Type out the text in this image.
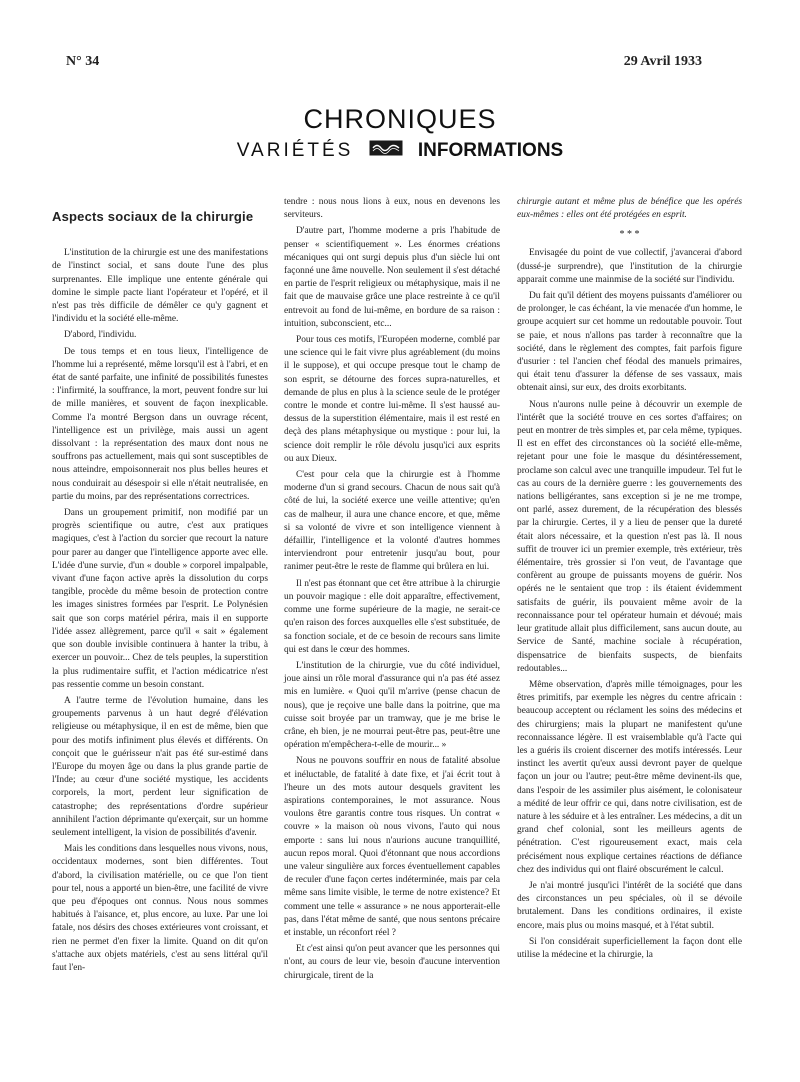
N° 34	29 Avril 1933
CHRONIQUES
VARIÉTÉS	INFORMATIONS
Aspects sociaux de la chirurgie

L'institution de la chirurgie est une des manifestations de l'instinct social, et sans doute l'une des plus surprenantes. Elle implique une entente générale qui domine le simple pacte liant l'opérateur et l'opéré, et il n'est pas très difficile de démêler ce qu'y gagnent et l'individu et la société elle-même.

D'abord, l'individu.

De tous temps et en tous lieux, l'intelligence de l'homme lui a représenté, même lorsqu'il est à l'abri, et en état de santé parfaite, une infinité de possibilités funestes : l'infirmité, la souffrance, la mort, peuvent fondre sur lui de mille manières, et souvent de façon inexplicable. Comme l'a montré Bergson dans un ouvrage récent, l'intelligence est un privilège, mais aussi un agent dissolvant : la représentation des maux dont nous ne souffrons pas actuellement, mais qui sont susceptibles de nous atteindre, empoisonnerait nos plus belles heures et nous conduirait au désespoir si elle n'était neutralisée, en partie du moins, par des représentations correctrices.

Dans un groupement primitif, non modifié par un progrès scientifique ou autre, c'est aux pratiques magiques, c'est à l'action du sorcier que recourt la nature pour parer au danger que l'intelligence apporte avec elle. L'idée d'une survie, d'un « double » corporel impalpable, vivant d'une façon active après la dissolution du corps tangible, procède du même besoin de protection contre les images sinistres formées par l'esprit. Le Polynésien sait que son corps matériel périra, mais il en supporte l'idée assez allègrement, parce qu'il « sait » également que son double invisible continuera à hanter la tribu, à exercer un pouvoir... Chez de tels peuples, la superstition la plus rudimentaire suffit, et l'action médicatrice n'est pas ressentie comme un besoin constant.

A l'autre terme de l'évolution humaine, dans les groupements parvenus à un haut degré d'élévation religieuse ou métaphysique, il en est de même, bien que pour des motifs infiniment plus élevés et différents. On conçoit que le guérisseur n'ait pas été sur-estimé dans l'Europe du moyen âge ou dans la plus grande partie de l'Inde; au cœur d'une société mystique, les accidents corporels, la mort, perdent leur signification de catastrophe; des représentations d'ordre supérieur annihilent l'action déprimante qu'exerçait, sur un homme seulement intelligent, la vision de possibilités d'avenir.

Mais les conditions dans lesquelles nous vivons, nous, occidentaux modernes, sont bien différentes. Tout d'abord, la civilisation matérielle, ou ce que l'on tient pour tel, nous a apporté un bien-être, une facilité de vivre que peu d'époques ont connus. Nous nous sommes habitués à l'aisance, et, plus encore, au luxe. Par une loi fatale, nos désirs des choses extérieures vont croissant, et rien ne permet d'en fixer la limite. Quand on dit qu'on s'attache aux objets matériels, c'est au sens littéral qu'il faut l'en-

tendre : nous nous lions à eux, nous en devenons les serviteurs.

D'autre part, l'homme moderne a pris l'habitude de penser « scientifiquement ». Les énormes créations mécaniques qui ont surgi depuis plus d'un siècle lui ont façonné une âme nouvelle. Non seulement il s'est détaché en partie de l'esprit religieux ou métaphysique, mais il ne fait que de mauvaise grâce une place restreinte à ce qu'il entrevoit au fond de lui-même, en bordure de sa raison : intuition, subconscient, etc...

Pour tous ces motifs, l'Européen moderne, comblé par une science qui le fait vivre plus agréablement (du moins il le suppose), et qui occupe presque tout le champ de son esprit, se détourne des forces supra-naturelles, et demande de plus en plus à la science seule de le protéger contre le monde et contre lui-même. Il s'est haussé au-dessus de la superstition élémentaire, mais il est resté en deçà des plans métaphysique ou mystique : pour lui, la science doit remplir le rôle dévolu jusqu'ici aux esprits ou aux Dieux.

C'est pour cela que la chirurgie est à l'homme moderne d'un si grand secours. Chacun de nous sait qu'à côté de lui, la société exerce une veille attentive; qu'en cas de malheur, il aura une chance encore, et que, même si sa volonté de vivre et son intelligence viennent à défaillir, l'intelligence et la volonté d'autres hommes interviendront pour entretenir jusqu'au bout, pour ranimer peut-être le reste de flamme qui brûlera en lui.

Il n'est pas étonnant que cet être attribue à la chirurgie un pouvoir magique : elle doit apparaître, effectivement, comme une forme supérieure de la magie, ne serait-ce qu'en raison des forces auxquelles elle s'est substituée, de sa fonction sociale, et de ce besoin de recours sans limite qui est dans le cœur des hommes.

L'institution de la chirurgie, vue du côté individuel, joue ainsi un rôle moral d'assurance qui n'a pas été assez mis en lumière. « Quoi qu'il m'arrive (pense chacun de nous), que je reçoive une balle dans la poitrine, que ma cuisse soit broyée par un tramway, que je me brise le crâne, eh bien, je ne mourrai peut-être pas, peut-être une opération m'empêchera-t-elle de mourir... »

Nous ne pouvons souffrir en nous de fatalité absolue et inéluctable, de fatalité à date fixe, et j'ai écrit tout à l'heure un des mots autour desquels gravitent les aspirations contemporaines, le mot assurance. Nous voulons être garantis contre tous risques. Un contrat « couvre » la maison où nous vivons, l'auto qui nous emporte : sans lui nous n'aurions aucune tranquillité, aucun repos moral. Quoi d'étonnant que nous accordions une valeur singulière aux forces éventuellement capables de reculer d'une façon certes indéterminée, mais par cela même sans limite visible, le terme de notre existence? Et comment une telle « assurance » ne nous apporterait-elle pas, dans l'état même de santé, que nous sentons précaire et instable, un réconfort réel ?

Et c'est ainsi qu'on peut avancer que les personnes qui n'ont, au cours de leur vie, besoin d'aucune intervention chirurgicale, tirent de la

chirurgie autant et même plus de bénéfice que les opérés eux-mêmes : elles ont été protégées en esprit.

* * *

Envisagée du point de vue collectif, j'avancerai d'abord (dussé-je surprendre), que l'institution de la chirurgie apparait comme une mainmise de la société sur l'individu.

Du fait qu'il détient des moyens puissants d'améliorer ou de prolonger, le cas échéant, la vie menacée d'un homme, le groupe acquiert sur cet homme un redoutable pouvoir. Tout se paie, et nous n'allons pas tarder à reconnaître que la société, dans le règlement des comptes, fait parfois figure d'usurier : tel l'ancien chef féodal des manuels primaires, qui était tenu d'assurer la défense de ses vassaux, mais obtenait ainsi, sur eux, des droits exorbitants.

Nous n'aurons nulle peine à découvrir un exemple de l'intérêt que la société trouve en ces sortes d'affaires; on peut en montrer de très simples et, par cela même, typiques. Il est en effet des circonstances où la société elle-même, rejetant pour une foie le masque du désintéressement, proclame son calcul avec une tranquille impudeur. Tel fut le cas au cours de la dernière guerre : les gouvernements des nations belligérantes, sans exception si je ne me trompe, ont parlé, assez durement, de la récupération des blessés par la chirurgie. Certes, il y a lieu de penser que la dureté était alors nécessaire, et la question n'est pas là. Il nous suffit de trouver ici un premier exemple, très extérieur, très élémentaire, très grossier si l'on veut, de l'avantage que confèrent au groupe de puissants moyens de guérir. Nos opérés ne le sentaient que trop : ils étaient évidemment satisfaits de guérir, ils pouvaient même avoir de la reconnaissance pour tel opérateur humain et dévoué; mais leur gratitude allait plus difficilement, sans aucun doute, au Service de Santé, machine sociale à récupération, dispensatrice de bienfaits suspects, de bienfaits redoutables...

Même observation, d'après mille témoignages, pour les êtres primitifs, par exemple les nègres du centre africain : beaucoup acceptent ou réclament les soins des médecins et des chirurgiens; mais la plupart ne manifestent qu'une reconnaissance légère. Il est vraisemblable qu'à l'acte qui les a guéris ils croient discerner des motifs intéressés. Leur instinct les avertit qu'eux aussi devront payer de quelque façon un jour ou l'autre; peut-être même devinent-ils que, dans l'espoir de les assimiler plus aisément, le colonisateur a médité de leur offrir ce qui, dans notre civilisation, est de nature à les séduire et à les entraîner. Les médecins, a dit un grand chef colonial, sont les meilleurs agents de pénétration. C'est rigoureusement exact, mais cela précisément nous explique certaines réactions de défiance chez des individus qui ont flairé obscurément le calcul.

Je n'ai montré jusqu'ici l'intérêt de la société que dans des circonstances un peu spéciales, où il se dévoile brutalement. Dans les conditions ordinaires, il existe encore, mais plus ou moins masqué, et à l'état subtil.

Si l'on considérait superficiellement la façon dont elle utilise la médecine et la chirurgie, la
